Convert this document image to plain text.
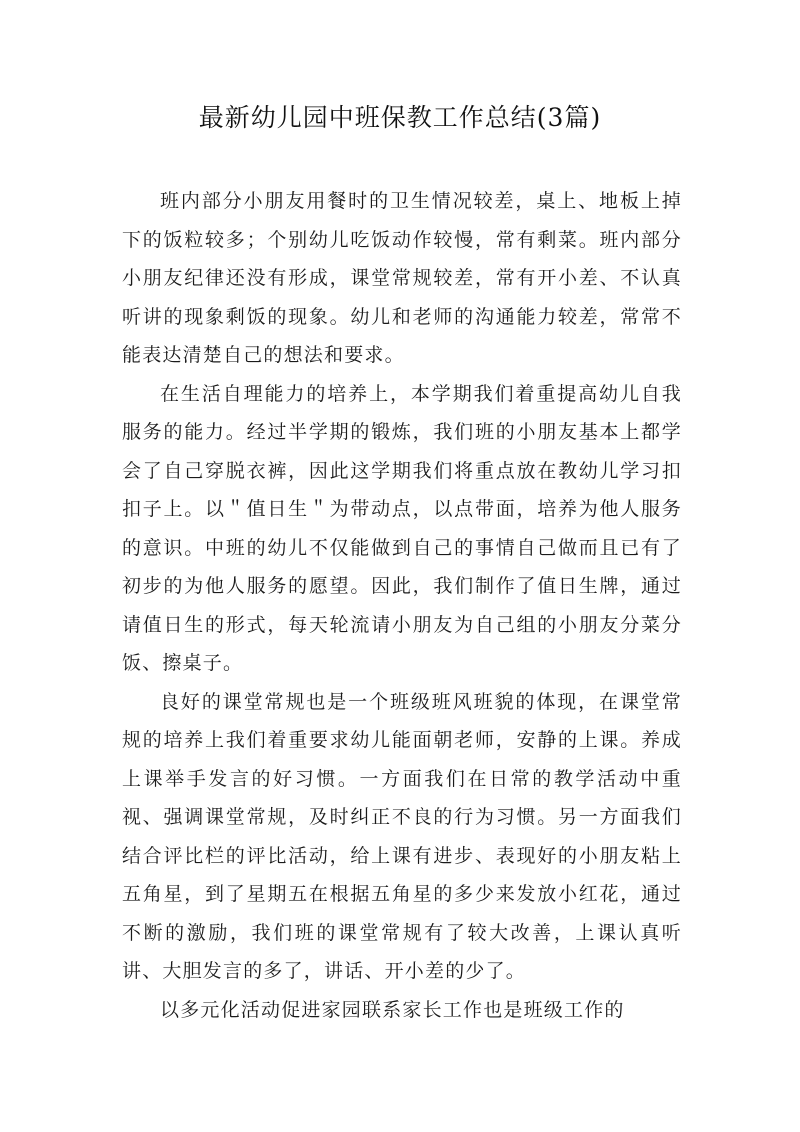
最新幼儿园中班保教工作总结(3篇)

班内部分小朋友用餐时的卫生情况较差，桌上、地板上掉下的饭粒较多；个别幼儿吃饭动作较慢，常有剩菜。班内部分小朋友纪律还没有形成，课堂常规较差，常有开小差、不认真听讲的现象剩饭的现象。幼儿和老师的沟通能力较差，常常不能表达清楚自己的想法和要求。

在生活自理能力的培养上，本学期我们着重提高幼儿自我服务的能力。经过半学期的锻炼，我们班的小朋友基本上都学会了自己穿脱衣裤，因此这学期我们将重点放在教幼儿学习扣扣子上。以＂值日生＂为带动点，以点带面，培养为他人服务的意识。中班的幼儿不仅能做到自己的事情自己做而且已有了初步的为他人服务的愿望。因此，我们制作了值日生牌，通过请值日生的形式，每天轮流请小朋友为自己组的小朋友分菜分饭、擦桌子。

良好的课堂常规也是一个班级班风班貌的体现，在课堂常规的培养上我们着重要求幼儿能面朝老师，安静的上课。养成上课举手发言的好习惯。一方面我们在日常的教学活动中重视、强调课堂常规，及时纠正不良的行为习惯。另一方面我们结合评比栏的评比活动，给上课有进步、表现好的小朋友粘上五角星，到了星期五在根据五角星的多少来发放小红花，通过不断的激励，我们班的课堂常规有了较大改善，上课认真听讲、大胆发言的多了，讲话、开小差的少了。

以多元化活动促进家园联系家长工作也是班级工作的
